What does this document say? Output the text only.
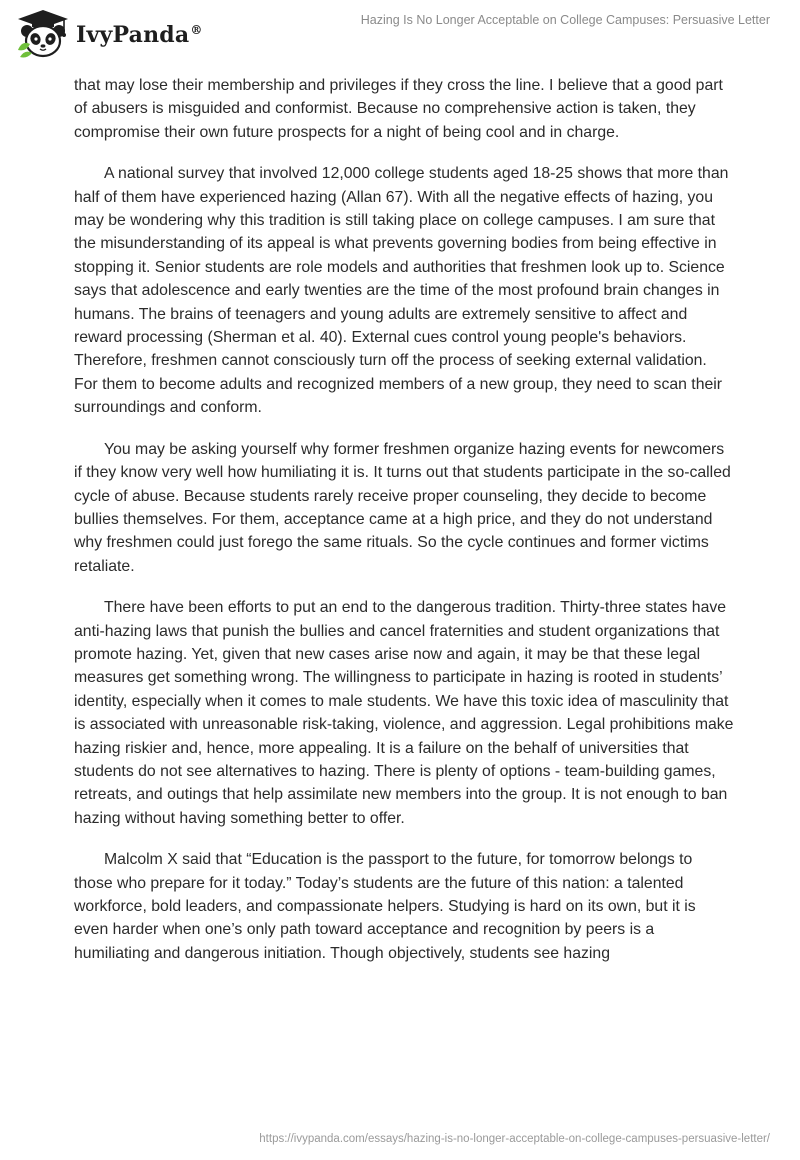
IvyPanda®
Hazing Is No Longer Acceptable on College Campuses: Persuasive Letter

that may lose their membership and privileges if they cross the line. I believe that a good part of abusers is misguided and conformist. Because no comprehensive action is taken, they compromise their own future prospects for a night of being cool and in charge.

A national survey that involved 12,000 college students aged 18-25 shows that more than half of them have experienced hazing (Allan 67). With all the negative effects of hazing, you may be wondering why this tradition is still taking place on college campuses. I am sure that the misunderstanding of its appeal is what prevents governing bodies from being effective in stopping it. Senior students are role models and authorities that freshmen look up to. Science says that adolescence and early twenties are the time of the most profound brain changes in humans. The brains of teenagers and young adults are extremely sensitive to affect and reward processing (Sherman et al. 40). External cues control young people's behaviors. Therefore, freshmen cannot consciously turn off the process of seeking external validation. For them to become adults and recognized members of a new group, they need to scan their surroundings and conform.

You may be asking yourself why former freshmen organize hazing events for newcomers if they know very well how humiliating it is. It turns out that students participate in the so-called cycle of abuse. Because students rarely receive proper counseling, they decide to become bullies themselves. For them, acceptance came at a high price, and they do not understand why freshmen could just forego the same rituals. So the cycle continues and former victims retaliate.

There have been efforts to put an end to the dangerous tradition. Thirty-three states have anti-hazing laws that punish the bullies and cancel fraternities and student organizations that promote hazing. Yet, given that new cases arise now and again, it may be that these legal measures get something wrong. The willingness to participate in hazing is rooted in students’ identity, especially when it comes to male students. We have this toxic idea of masculinity that is associated with unreasonable risk-taking, violence, and aggression. Legal prohibitions make hazing riskier and, hence, more appealing. It is a failure on the behalf of universities that students do not see alternatives to hazing. There is plenty of options - team-building games, retreats, and outings that help assimilate new members into the group. It is not enough to ban hazing without having something better to offer.

Malcolm X said that “Education is the passport to the future, for tomorrow belongs to those who prepare for it today.” Today’s students are the future of this nation: a talented workforce, bold leaders, and compassionate helpers. Studying is hard on its own, but it is even harder when one’s only path toward acceptance and recognition by peers is a humiliating and dangerous initiation. Though objectively, students see hazing

https://ivypanda.com/essays/hazing-is-no-longer-acceptable-on-college-campuses-persuasive-letter/
